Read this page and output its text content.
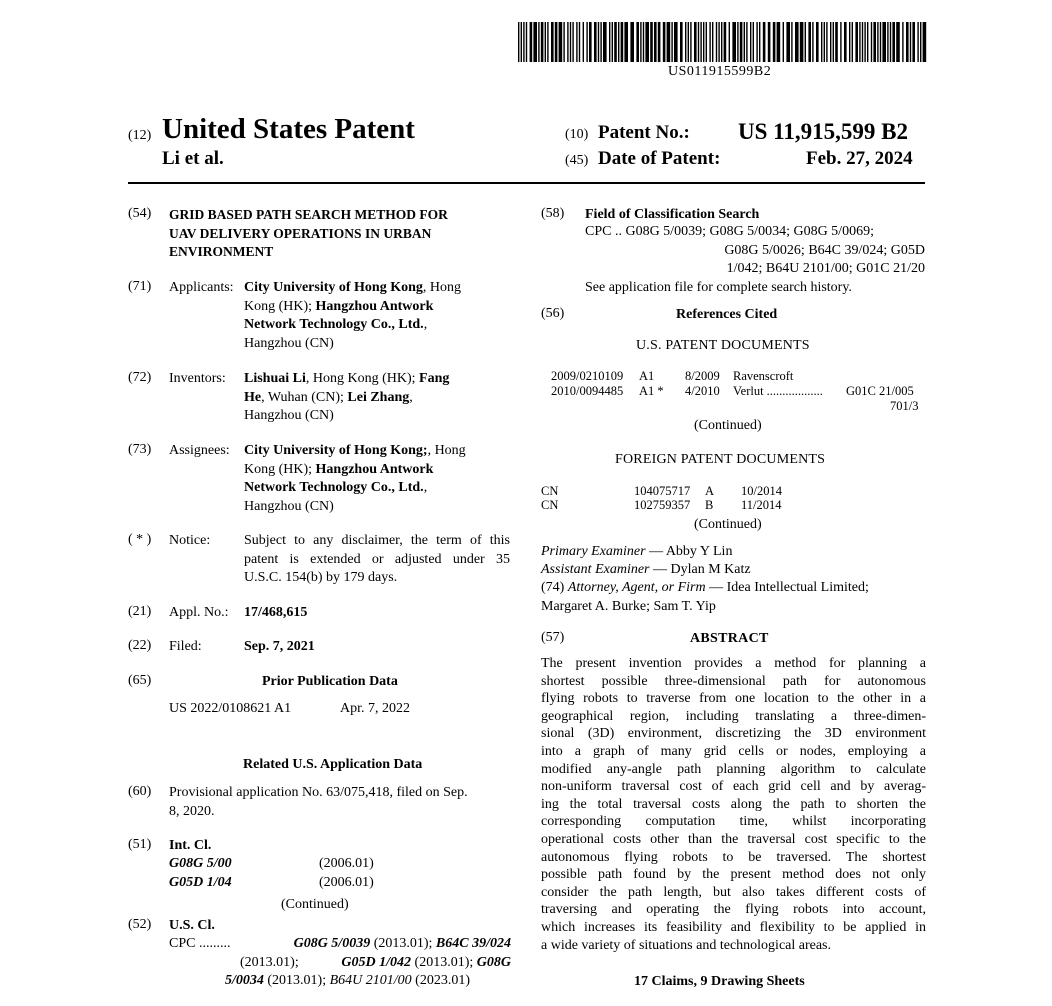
US011915599B2
(12) United States Patent
Li et al.
(10) Patent No.: US 11,915,599 B2
(45) Date of Patent:	Feb. 27, 2024
(54) GRID BASED PATH SEARCH METHOD FOR
UAV DELIVERY OPERATIONS IN URBAN
ENVIRONMENT
(71) Applicants: City University of Hong Kong, Hong
Kong (HK); Hangzhou Antwork
Network Technology Co., Ltd.,
Hangzhou (CN)
(72) Inventors: Lishuai Li, Hong Kong (HK); Fang
He, Wuhan (CN); Lei Zhang,
Hangzhou (CN)
(73) Assignees: City University of Hong Kong;, Hong
Kong (HK); Hangzhou Antwork
Network Technology Co., Ltd.,
Hangzhou (CN)
( * ) Notice: Subject to any disclaimer, the term of this
patent is extended or adjusted under 35
U.S.C. 154(b) by 179 days.
(21) Appl. No.: 17/468,615
(22) Filed:	Sep. 7, 2021
(65)	Prior Publication Data
US 2022/0108621 A1	Apr. 7, 2022
Related U.S. Application Data
(60) Provisional application No. 63/075,418, filed on Sep.
8, 2020.
(51) Int. Cl.
G08G 5/00	(2006.01)
G05D 1/04	(2006.01)
(Continued)
(52) U.S. Cl.
CPC .........	G08G 5/0039 (2013.01); B64C 39/024
(2013.01);	G05D 1/042 (2013.01); G08G
5/0034 (2013.01); B64U 2101/00 (2023.01)
(58) Field of Classification Search
CPC .. G08G 5/0039; G08G 5/0034; G08G 5/0069;
G08G 5/0026; B64C 39/024; G05D
1/042; B64U 2101/00; G01C 21/20
See application file for complete search history.
(56)	References Cited
U.S. PATENT DOCUMENTS
2009/0210109 A1 8/2009 Ravenscroft
2010/0094485 A1 * 4/2010 Verlut .................. G01C 21/005
701/3
(Continued)
FOREIGN PATENT DOCUMENTS
CN	104075717 A 10/2014
CN	102759357 B 11/2014
(Continued)
Primary Examiner — Abby Y Lin
Assistant Examiner — Dylan M Katz
(74) Attorney, Agent, or Firm — Idea Intellectual Limited;
Margaret A. Burke; Sam T. Yip
(57)	ABSTRACT
The present invention provides a method for planning a
shortest possible three-dimensional path for autonomous
flying robots to traverse from one location to the other in a
geographical region, including translating a three-dimen-
sional (3D) environment, discretizing the 3D environment
into a graph of many grid cells or nodes, employing a
modified any-angle path planning algorithm to calculate
non-uniform traversal cost of each grid cell and by averag-
ing the total traversal costs along the path to shorten the
corresponding computation time, whilst incorporating
operational costs other than the traversal cost specific to the
autonomous flying robots to be traversed. The shortest
possible path found by the present method does not only
consider the path length, but also takes different costs of
traversing and operating the flying robots into account,
which increases its feasibility and flexibility to be applied in
a wide variety of situations and technological areas.
17 Claims, 9 Drawing Sheets
